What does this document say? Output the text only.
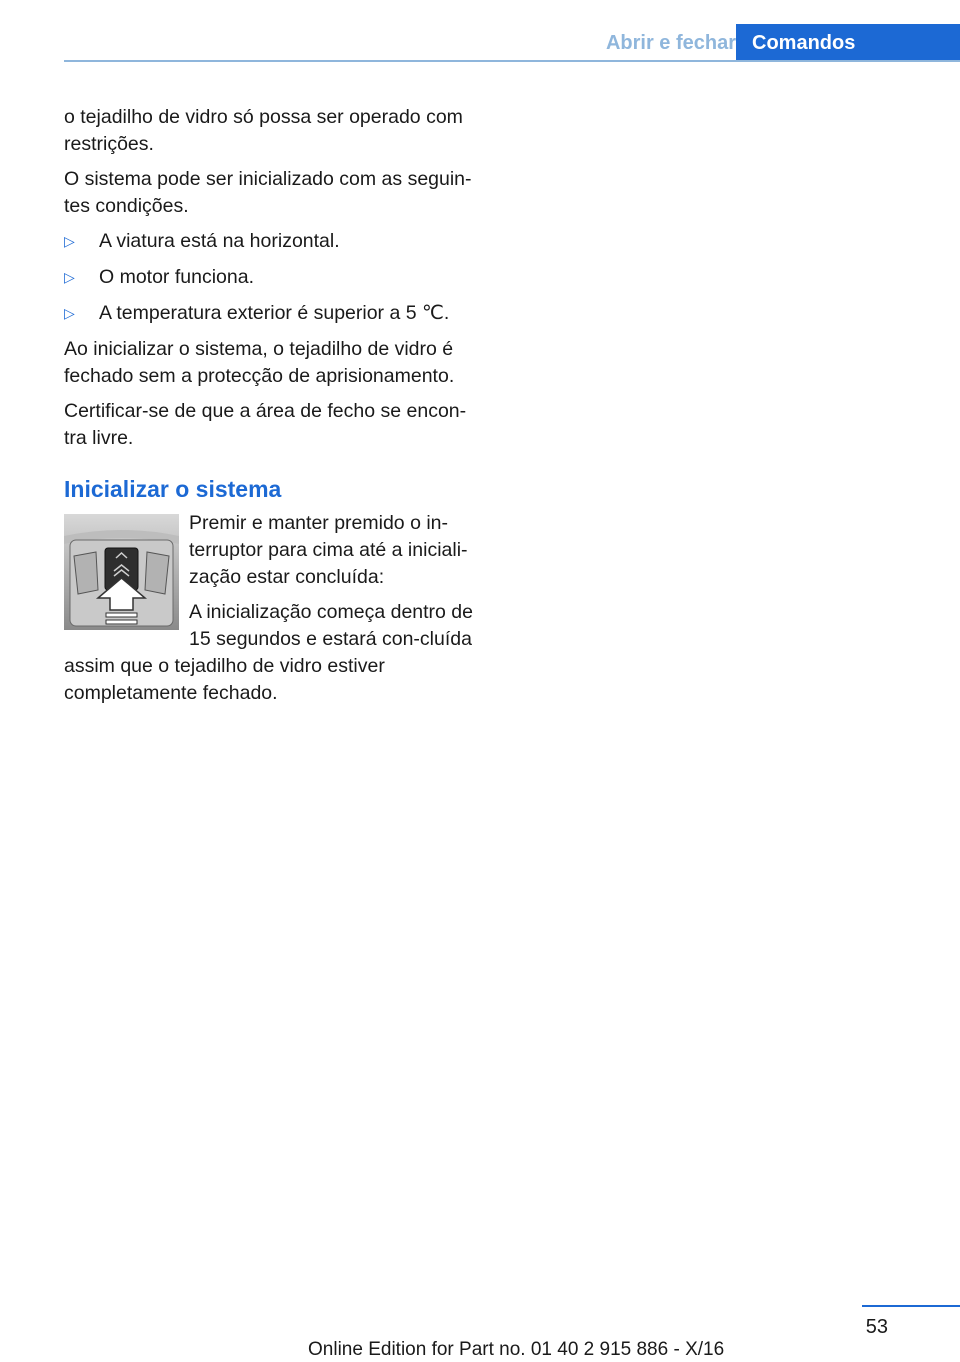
Abrir e fechar Comandos

o tejadilho de vidro só possa ser operado com restrições.

O sistema pode ser inicializado com as seguin‐tes condições.

▷ A viatura está na horizontal.
▷ O motor funciona.
▷ A temperatura exterior é superior a 5 ℃.

Ao inicializar o sistema, o tejadilho de vidro é fechado sem a protecção de aprisionamento.

Certificar-se de que a área de fecho se encon‐tra livre.

Inicializar o sistema

Premir e manter premido o in‐terruptor para cima até a iniciali‐zação estar concluída:

A inicialização começa dentro de 15 segundos e estará con‐cluída assim que o tejadilho de vidro estiver completamente fechado.

53
Online Edition for Part no. 01 40 2 915 886 - X/16
